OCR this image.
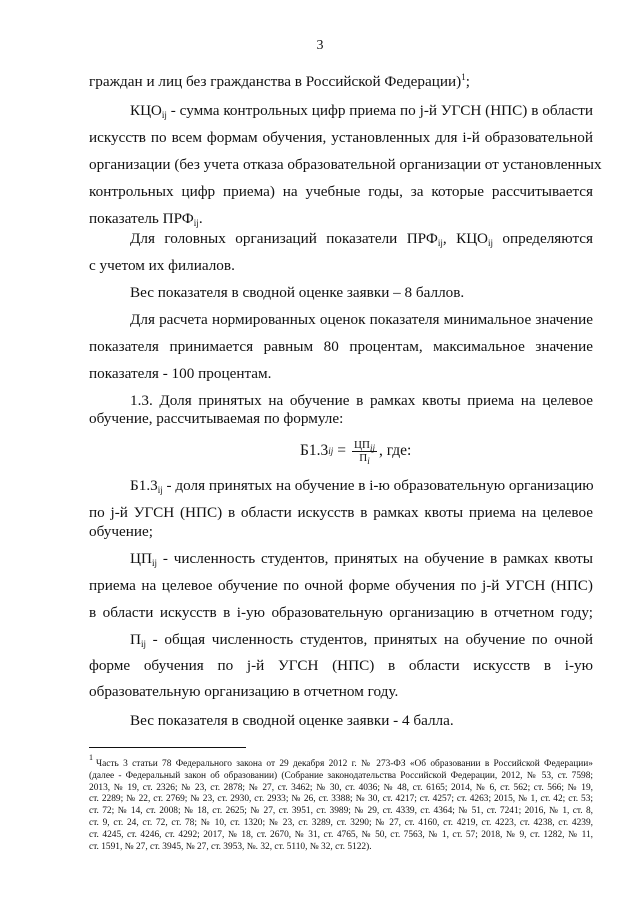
3
граждан и лиц без гражданства в Российской Федерации)$^1$;
$КЦО_{ij}$ - сумма контрольных цифр приема по j-й УГСН (НПС) в области
искусств по всем формам обучения, установленных для i-й образовательной
организации (без учета отказа образовательной организации от установленных
контрольных цифр приема) на учебные годы, за которые рассчитывается
показатель $ПРФ_{ij}$.
Для головных организаций показатели $ПРФ_{ij}$, $КЦО_{ij}$ определяются
с учетом их филиалов.
Вес показателя в сводной оценке заявки – 8 баллов.
Для расчета нормированных оценок показателя минимальное значение
показателя принимается равным 80 процентам, максимальное значение
показателя - 100 процентам.
1.3. Доля принятых на обучение в рамках квоты приема на целевое
обучение, рассчитываемая по формуле:
Б1.3 ij = $\frac{ЦП_{ij}}{П_i}$ , где:
$Б1.3_{ij}$ - доля принятых на обучение в i-ю образовательную организацию
по j-й УГСН (НПС) в области искусств в рамках квоты приема на целевое
обучение;
$ЦП_{ij}$ - численность студентов, принятых на обучение в рамках квоты
приема на целевое обучение по очной форме обучения по j-й УГСН (НПС)
в области искусств в i-ую образовательную организацию в отчетном году;
$П_{ij}$ - общая численность студентов, принятых на обучение по очной
форме обучения по j-й УГСН (НПС) в области искусств в i-ую
образовательную организацию в отчетном году.
Вес показателя в сводной оценке заявки - 4 балла.
$^1$Часть 3 статьи 78 Федерального закона от 29 декабря 2012 г. № 273-ФЗ «Об образовании в Российской Федерации»
(далее - Федеральный закон об образовании) (Собрание законодательства Российской Федерации, 2012, № 53, ст. 7598;
2013, № 19, ст. 2326; № 23, ст. 2878; № 27, ст. 3462; № 30, ст. 4036; № 48, ст. 6165; 2014, № 6, ст. 562; ст. 566; № 19,
ст. 2289; № 22, ст. 2769; № 23, ст. 2930, ст. 2933; № 26, ст. 3388; № 30, ст. 4217; ст. 4257; ст. 4263; 2015, № 1, ст. 42; ст. 53;
ст. 72; № 14, ст. 2008; № 18, ст. 2625; № 27, ст. 3951, ст. 3989; № 29, ст. 4339, ст. 4364; № 51, ст. 7241; 2016, № 1, ст. 8,
ст. 9, ст. 24, ст. 72, ст. 78; № 10, ст. 1320; № 23, ст. 3289, ст. 3290; № 27, ст. 4160, ст. 4219, ст. 4223, ст. 4238, ст. 4239,
ст. 4245, ст. 4246, ст. 4292; 2017, № 18, ст. 2670, № 31, ст. 4765, № 50, ст. 7563, № 1, ст. 57; 2018, № 9, ст. 1282, № 11,
ст. 1591, № 27, ст. 3945, № 27, ст. 3953, №. 32, ст. 5110, № 32, ст. 5122).
